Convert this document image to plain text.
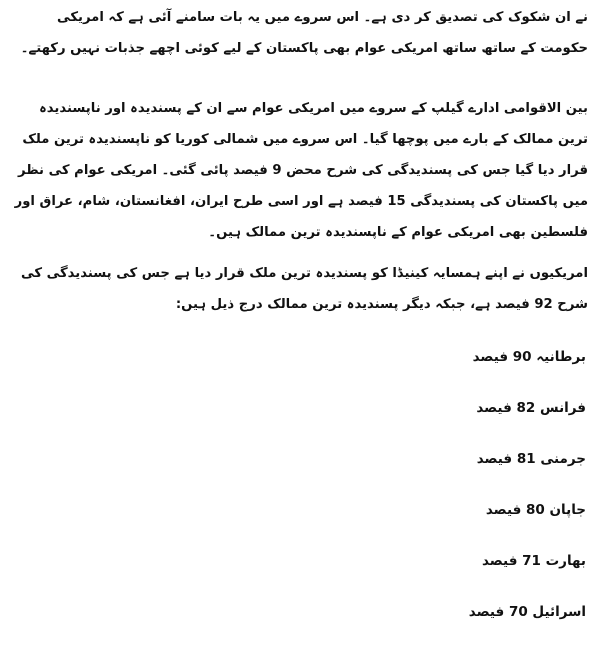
نے ان شکوک کی تصدیق کر دی ہے۔ اس سروے میں یہ بات سامنے آئی ہے کہ امریکی حکومت کے ساتھ ساتھ امریکی عوام بھی پاکستان کے لیے کوئی اچھے جذبات نہیں رکھتے۔

بین الاقوامی ادارے گیلپ کے سروے میں امریکی عوام سے ان کے پسندیدہ اور ناپسندیدہ ترین ممالک کے بارے میں پوچھا گیا۔ اس سروے میں شمالی کوریا کو ناپسندیدہ ترین ملک قرار دیا گیا جس کی پسندیدگی کی شرح محض 9 فیصد پائی گئی۔ امریکی عوام کی نظر میں پاکستان کی پسندیدگی 15 فیصد ہے اور اسی طرح ایران، افغانستان، شام، عراق اور فلسطین بھی امریکی عوام کے ناپسندیدہ ترین ممالک ہیں۔

امریکیوں نے اپنے ہمسایہ کینیڈا کو پسندیدہ ترین ملک قرار دیا ہے جس کی پسندیدگی کی شرح 92 فیصد ہے، جبکہ دیگر پسندیدہ ترین ممالک درج ذیل ہیں:

برطانیہ 90 فیصد
فرانس 82 فیصد
جرمنی 81 فیصد
جاپان 80 فیصد
بھارت 71 فیصد
اسرائیل 70 فیصد
